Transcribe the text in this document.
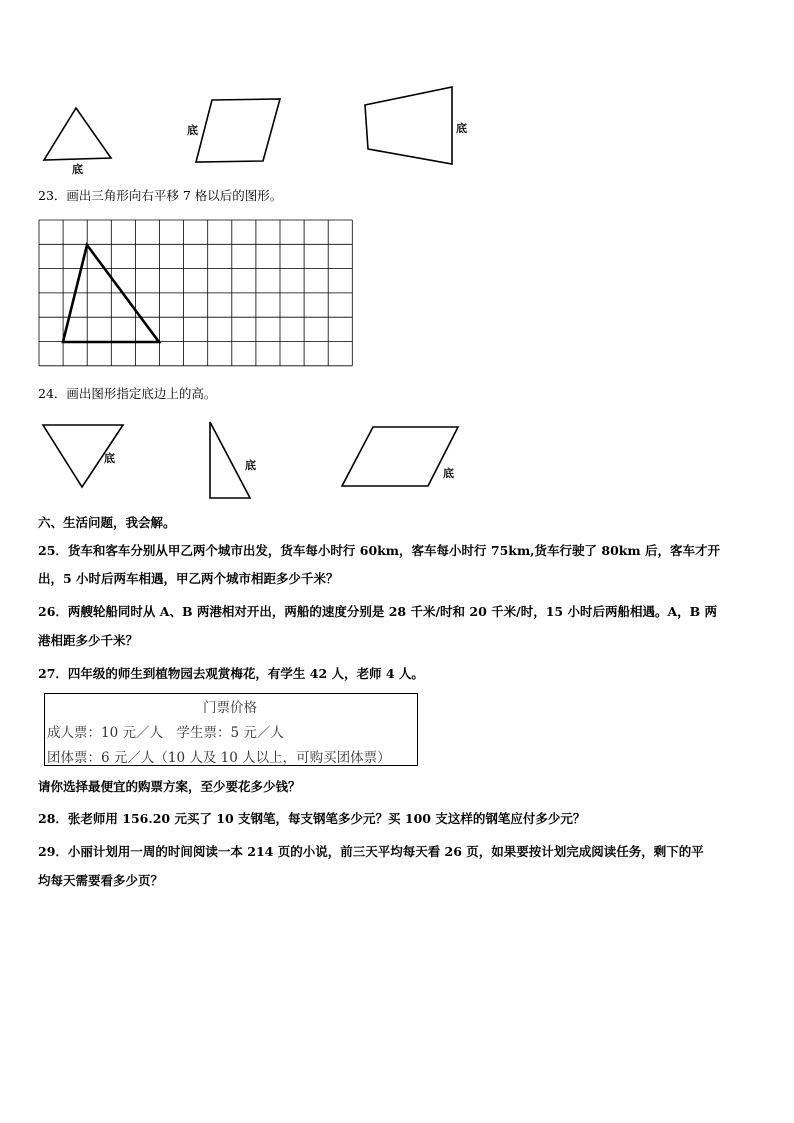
底
底	底
23．画出三角形向右平移 7 格以后的图形。
24．画出图形指定底边上的高。
底
底
底
六、生活问题，我会解。
25．货车和客车分别从甲乙两个城市出发，货车每小时行 60km，客车每小时行 75km,货车行驶了 80km 后，客车才开
出，5 小时后两车相遇，甲乙两个城市相距多少千米？
26．两艘轮船同时从 A、B 两港相对开出，两船的速度分别是 28 千米/时和 20 千米/时，15 小时后两船相遇。A，B 两
港相距多少千米？
27．四年级的师生到植物园去观赏梅花，有学生 42 人，老师 4 人。
门票价格
成人票：10 元／人　学生票：5 元／人
团体票：6 元／人（10 人及 10 人以上，可购买团体票）
请你选择最便宜的购票方案，至少要花多少钱？
28．张老师用 156.20 元买了 10 支钢笔，每支钢笔多少元？买 100 支这样的钢笔应付多少元？
29．小丽计划用一周的时间阅读一本 214 页的小说，前三天平均每天看 26 页，如果要按计划完成阅读任务，剩下的平
均每天需要看多少页？
